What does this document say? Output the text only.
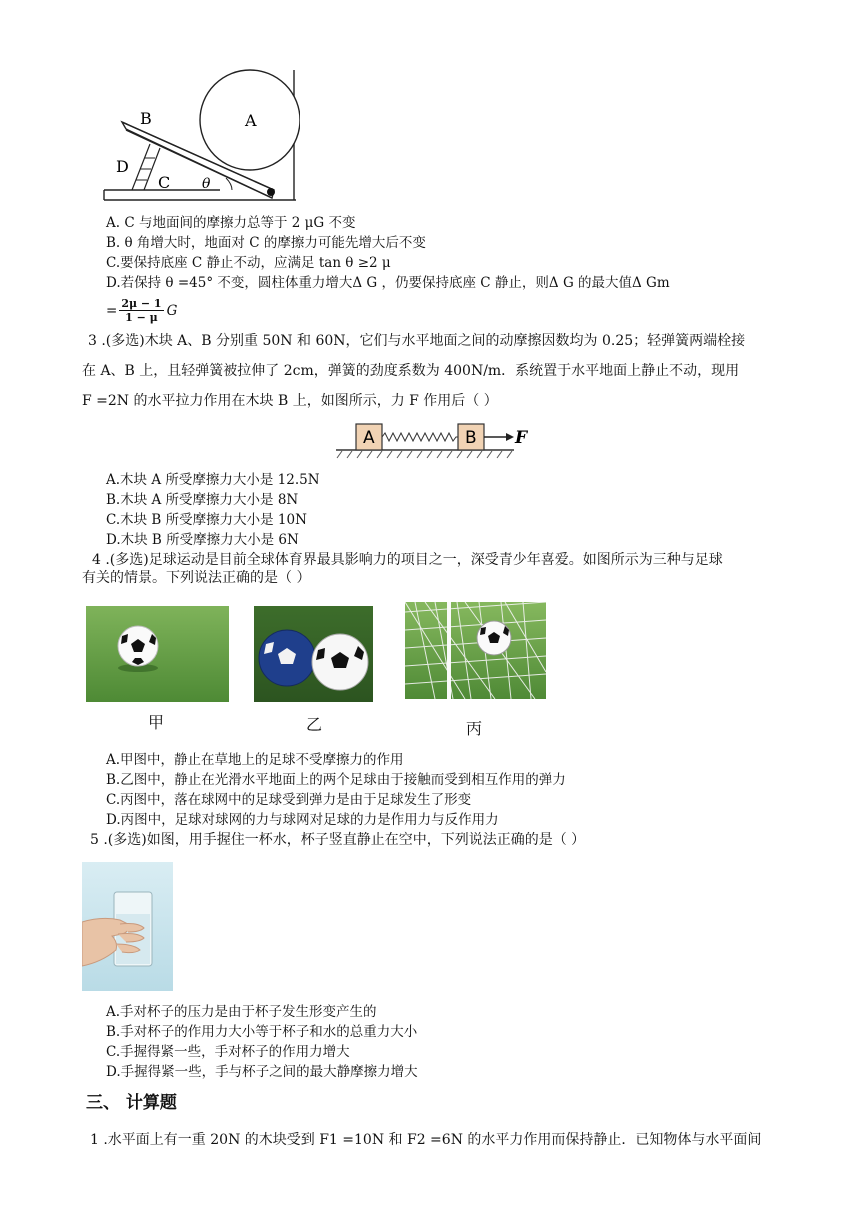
A
B
C
D
θ
A. C 与地面间的摩擦力总等于 2 μG 不变
B. θ 角增大时，地面对 C 的摩擦力可能先增大后不变
C.要保持底座 C 静止不动，应满足 tan θ ≥2 μ
D.若保持 θ =45° 不变，圆柱体重力增大Δ G ，仍要保持底座 C 静止，则Δ G 的最大值Δ Gm
= $\frac{2\mu - 1}{1 - \mu}$ G
3 .(多选)木块 A、B 分别重 50N 和 60N，它们与水平地面之间的动摩擦因数均为 0.25；轻弹簧两端栓接
在 A、B 上，且轻弹簧被拉伸了 2cm，弹簧的劲度系数为 400N/m．系统置于水平地面上静止不动，现用
F =2N 的水平拉力作用在木块 B 上，如图所示，力 F 作用后（ ）
A	B F
A.木块 A 所受摩擦力大小是 12.5N
B.木块 A 所受摩擦力大小是 8N
C.木块 B 所受摩擦力大小是 10N
D.木块 B 所受摩擦力大小是 6N
4 .(多选)足球运动是目前全球体育界最具影响力的项目之一，深受青少年喜爱。如图所示为三种与足球
有关的情景。下列说法正确的是（ ）
甲	乙	丙
A.甲图中，静止在草地上的足球不受摩擦力的作用
B.乙图中，静止在光滑水平地面上的两个足球由于接触而受到相互作用的弹力
C.丙图中，落在球网中的足球受到弹力是由于足球发生了形变
D.丙图中，足球对球网的力与球网对足球的力是作用力与反作用力
5 .(多选)如图，用手握住一杯水，杯子竖直静止在空中，下列说法正确的是（ ）
A.手对杯子的压力是由于杯子发生形变产生的
B.手对杯子的作用力大小等于杯子和水的总重力大小
C.手握得紧一些，手对杯子的作用力增大
D.手握得紧一些，手与杯子之间的最大静摩擦力增大
三、 计算题
1 .水平面上有一重 20N 的木块受到 F1 =10N 和 F2 =6N 的水平力作用而保持静止．已知物体与水平面间
